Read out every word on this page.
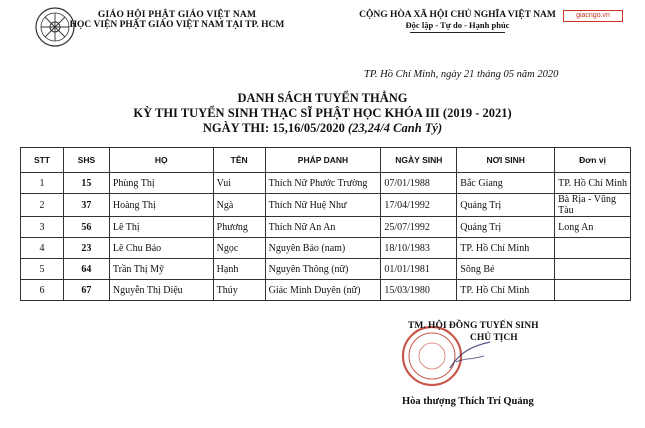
GIÁO HỘI PHẬT GIÁO VIỆT NAM
HỌC VIỆN PHẬT GIÁO VIỆT NAM TẠI TP. HCM
CỘNG HÒA XÃ HỘI CHỦ NGHĨA VIỆT NAM
Độc lập - Tự do - Hạnh phúc
giacngo.vn
TP. Hồ Chí Minh, ngày 21 tháng 05 năm 2020
DANH SÁCH TUYỂN THẲNG
KỲ THI TUYỂN SINH THẠC SĨ PHẬT HỌC KHÓA III (2019 - 2021)
NGÀY THI: 15,16/05/2020 (23,24/4 Canh Tý)
STT	SHS	HỌ	TÊN	PHÁP DANH	NGÀY SINH	NƠI SINH	Đơn vị
1	15	Phùng Thị	Vui	Thích Nữ Phước Trường	07/01/1988	Bắc Giang	TP. Hồ Chí Minh
2	37	Hoàng Thị	Ngà	Thích Nữ Huệ Như	17/04/1992	Quảng Trị	Bà Rịa - Vũng Tàu
3	56	Lê Thị	Phương	Thích Nữ An An	25/07/1992	Quảng Trị	Long An
4	23	Lê Chu Bảo	Ngọc	Nguyên Bảo (nam)	18/10/1983	TP. Hồ Chí Minh	
5	64	Trần Thị Mỹ	Hạnh	Nguyên Thông (nữ)	01/01/1981	Sông Bé	
6	67	Nguyễn Thị Diệu	Thúy	Giác Minh Duyên (nữ)	15/03/1980	TP. Hồ Chí Minh	
TM. HỘI ĐỒNG TUYỂN SINH
CHỦ TỊCH
Hòa thượng Thích Trí Quảng
